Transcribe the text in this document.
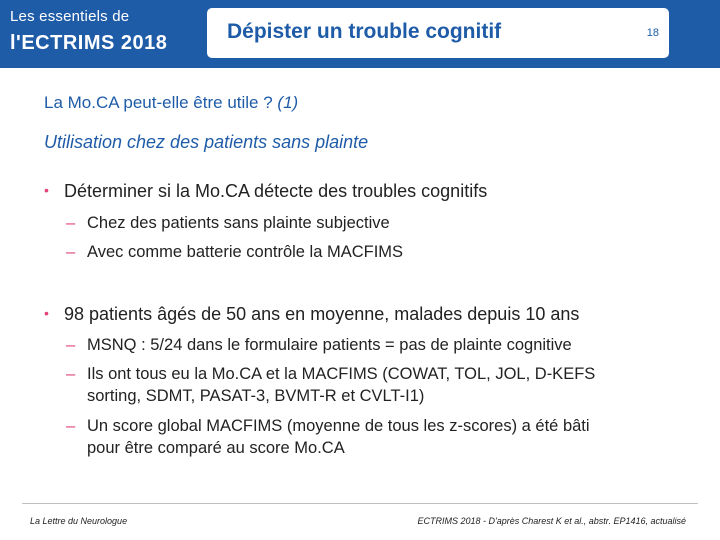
Les essentiels de
l'ECTRIMS 2018	Dépister un trouble cognitif	18
La Mo.CA peut-elle être utile ? (1)
Utilisation chez des patients sans plainte
• Déterminer si la Mo.CA détecte des troubles cognitifs
– Chez des patients sans plainte subjective
– Avec comme batterie contrôle la MACFIMS
• 98 patients âgés de 50 ans en moyenne, malades depuis 10 ans
– MSNQ : 5/24 dans le formulaire patients = pas de plainte cognitive
– Ils ont tous eu la Mo.CA et la MACFIMS (COWAT, TOL, JOL, D-KEFS
sorting, SDMT, PASAT-3, BVMT-R et CVLT-I1)
– Un score global MACFIMS (moyenne de tous les z-scores) a été bâti
pour être comparé au score Mo.CA
La Lettre du Neurologue	ECTRIMS 2018 - D'après Charest K et al., abstr. EP1416, actualisé
